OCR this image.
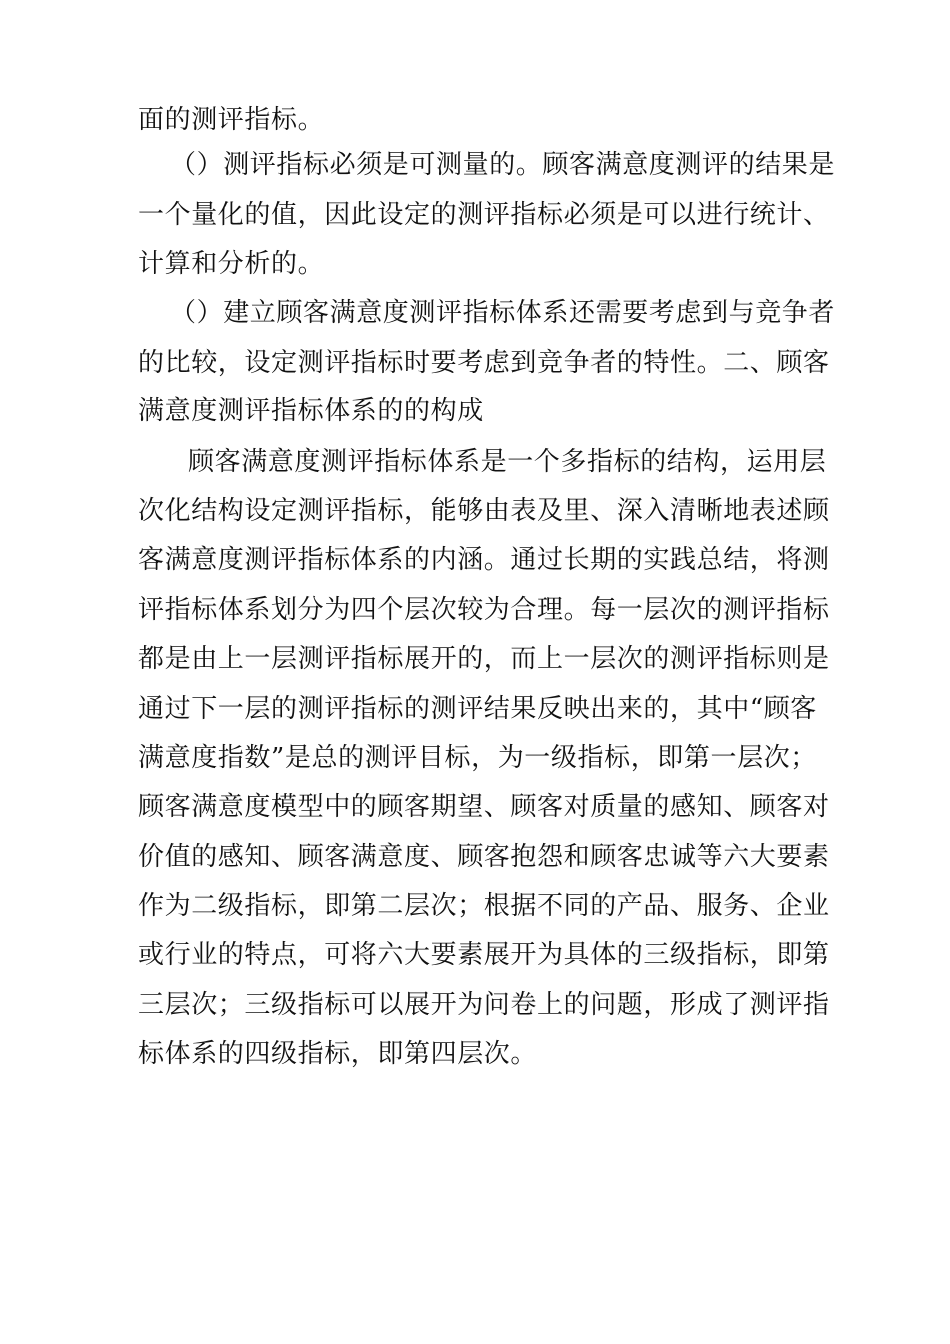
面的测评指标。

（）测评指标必须是可测量的。顾客满意度测评的结果是

一个量化的值，因此设定的测评指标必须是可以进行统计、

计算和分析的。

（）建立顾客满意度测评指标体系还需要考虑到与竞争者

的比较，设定测评指标时要考虑到竞争者的特性。二、顾客

满意度测评指标体系的的构成

顾客满意度测评指标体系是一个多指标的结构，运用层

次化结构设定测评指标，能够由表及里、深入清晰地表述顾

客满意度测评指标体系的内涵。通过长期的实践总结，将测

评指标体系划分为四个层次较为合理。每一层次的测评指标

都是由上一层测评指标展开的，而上一层次的测评指标则是

通过下一层的测评指标的测评结果反映出来的，其中“顾客

满意度指数”是总的测评目标，为一级指标，即第一层次；

顾客满意度模型中的顾客期望、顾客对质量的感知、顾客对

价值的感知、顾客满意度、顾客抱怨和顾客忠诚等六大要素

作为二级指标，即第二层次；根据不同的产品、服务、企业

或行业的特点，可将六大要素展开为具体的三级指标，即第

三层次；三级指标可以展开为问卷上的问题，形成了测评指

标体系的四级指标，即第四层次。
